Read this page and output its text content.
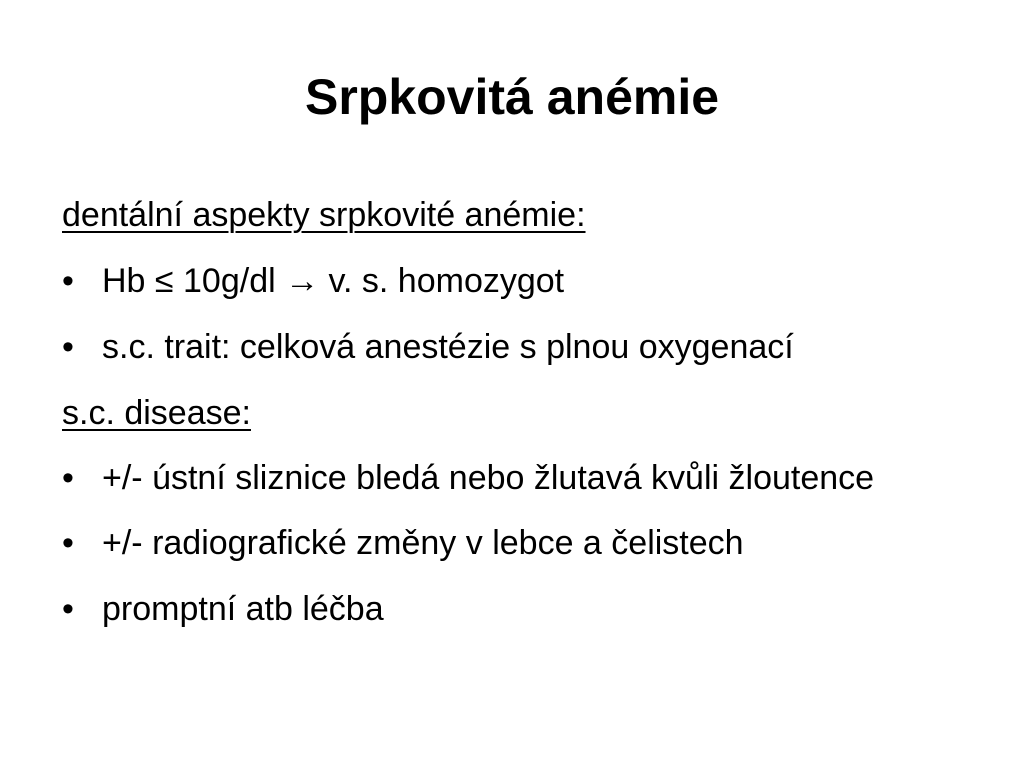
Srpkovitá anémie
dentální aspekty srpkovité anémie:
• Hb ≤ 10g/dl → v. s. homozygot
• s.c. trait: celková anestézie s plnou oxygenací
s.c. disease:
• +/- ústní sliznice bledá nebo žlutavá kvůli žloutence
• +/- radiografické změny v lebce a čelistech
• promptní atb léčba
